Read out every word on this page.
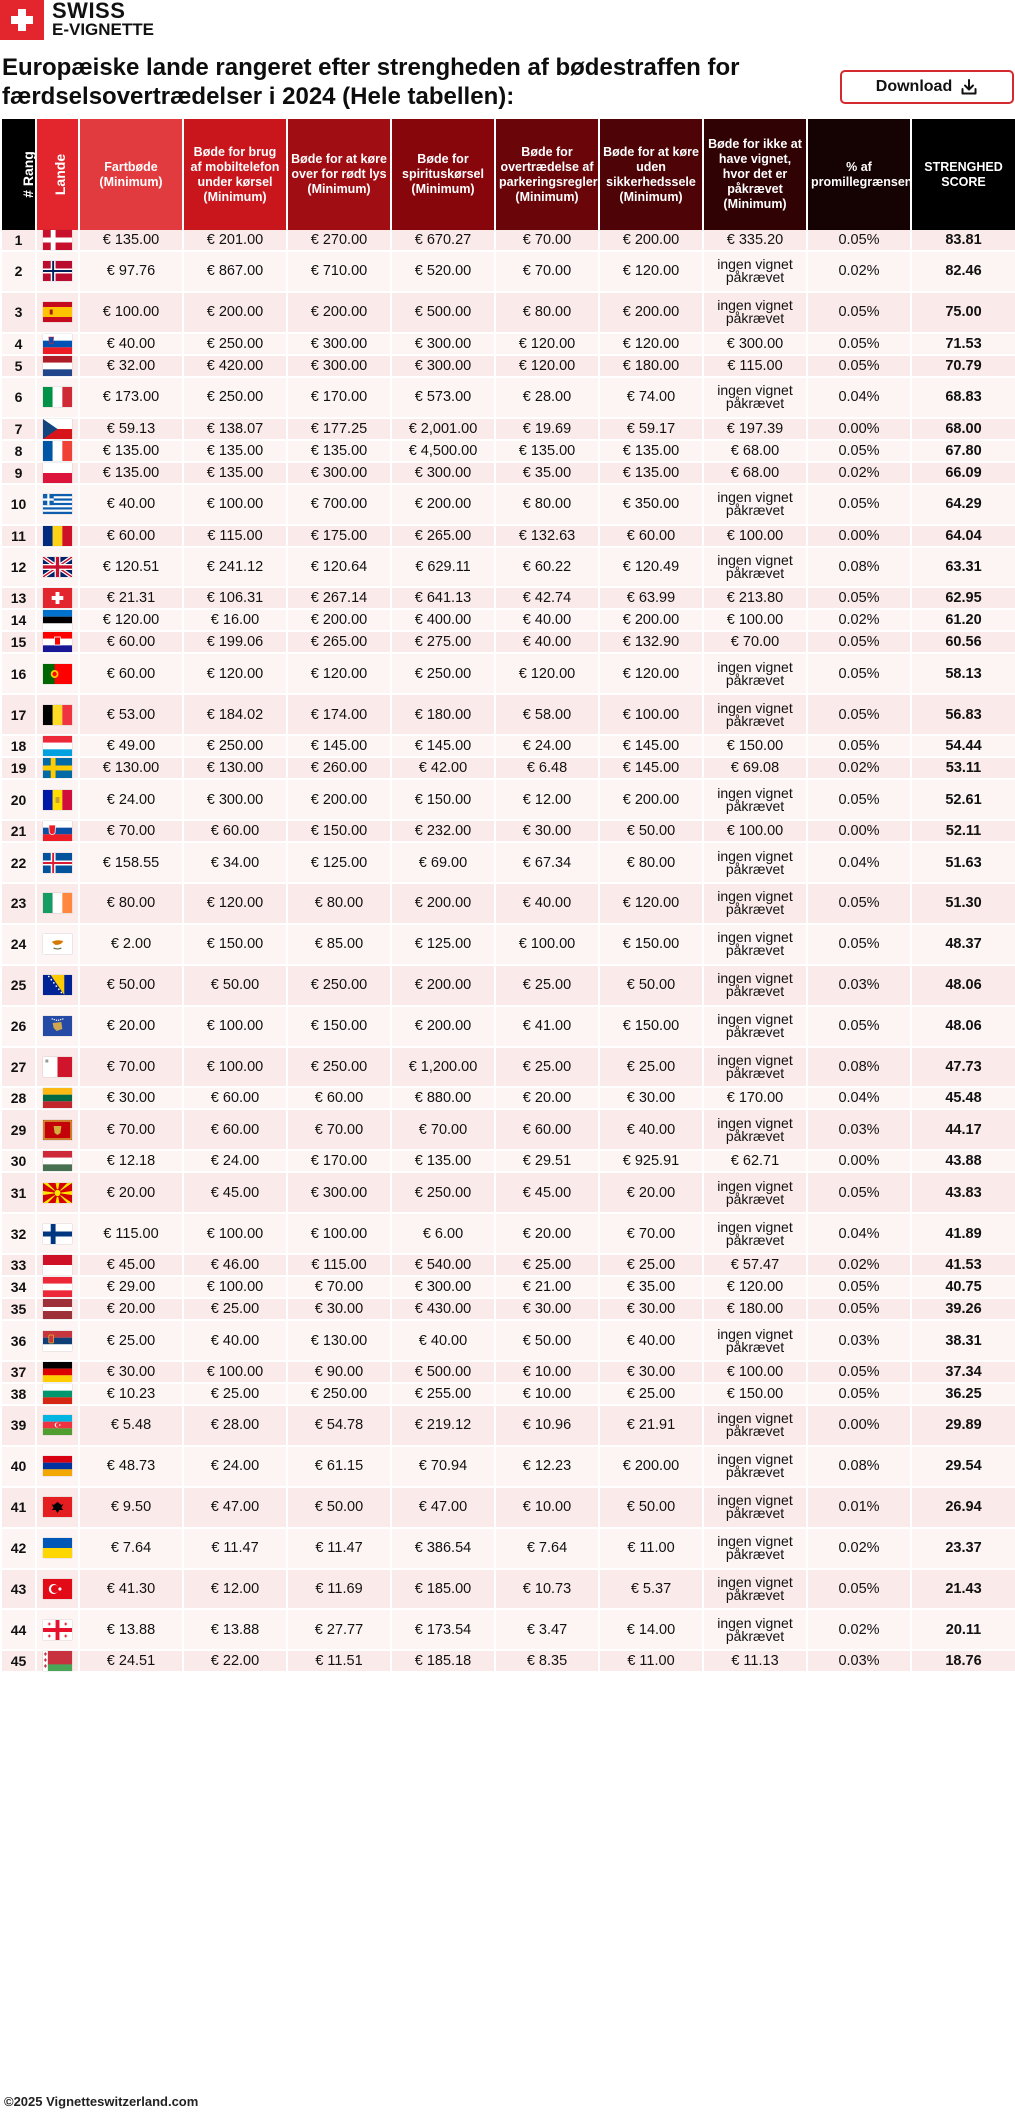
SWISS
E-VIGNETTE
Europæiske lande rangeret efter strengheden af bødestraffen for færdselsovertrædelser i 2024 (Hele tabellen):	Download
# Rang	Lande	Fartbøde (Minimum)	Bøde for brug af mobiltelefon under kørsel (Minimum)	Bøde for at køre over for rødt lys (Minimum)	Bøde for spirituskørsel (Minimum)	Bøde for overtrædelse af parkeringsregler (Minimum)	Bøde for at køre uden sikkerhedssele (Minimum)	Bøde for ikke at have vignet, hvor det er påkrævet (Minimum)	% af promillegrænsen	STRENGHED SCORE
1		€ 135.00	€ 201.00	€ 270.00	€ 670.27	€ 70.00	€ 200.00	€ 335.20	0.05%	83.81
2		€ 97.76	€ 867.00	€ 710.00	€ 520.00	€ 70.00	€ 120.00	ingen vignet påkrævet	0.02%	82.46
3		€ 100.00	€ 200.00	€ 200.00	€ 500.00	€ 80.00	€ 200.00	ingen vignet påkrævet	0.05%	75.00
4		€ 40.00	€ 250.00	€ 300.00	€ 300.00	€ 120.00	€ 120.00	€ 300.00	0.05%	71.53
5		€ 32.00	€ 420.00	€ 300.00	€ 300.00	€ 120.00	€ 180.00	€ 115.00	0.05%	70.79
6		€ 173.00	€ 250.00	€ 170.00	€ 573.00	€ 28.00	€ 74.00	ingen vignet påkrævet	0.04%	68.83
7		€ 59.13	€ 138.07	€ 177.25	€ 2,001.00	€ 19.69	€ 59.17	€ 197.39	0.00%	68.00
8		€ 135.00	€ 135.00	€ 135.00	€ 4,500.00	€ 135.00	€ 135.00	€ 68.00	0.05%	67.80
9		€ 135.00	€ 135.00	€ 300.00	€ 300.00	€ 35.00	€ 135.00	€ 68.00	0.02%	66.09
10		€ 40.00	€ 100.00	€ 700.00	€ 200.00	€ 80.00	€ 350.00	ingen vignet påkrævet	0.05%	64.29
11		€ 60.00	€ 115.00	€ 175.00	€ 265.00	€ 132.63	€ 60.00	€ 100.00	0.00%	64.04
12		€ 120.51	€ 241.12	€ 120.64	€ 629.11	€ 60.22	€ 120.49	ingen vignet påkrævet	0.08%	63.31
13		€ 21.31	€ 106.31	€ 267.14	€ 641.13	€ 42.74	€ 63.99	€ 213.80	0.05%	62.95
14		€ 120.00	€ 16.00	€ 200.00	€ 400.00	€ 40.00	€ 200.00	€ 100.00	0.02%	61.20
15		€ 60.00	€ 199.06	€ 265.00	€ 275.00	€ 40.00	€ 132.90	€ 70.00	0.05%	60.56
16		€ 60.00	€ 120.00	€ 120.00	€ 250.00	€ 120.00	€ 120.00	ingen vignet påkrævet	0.05%	58.13
17		€ 53.00	€ 184.02	€ 174.00	€ 180.00	€ 58.00	€ 100.00	ingen vignet påkrævet	0.05%	56.83
18		€ 49.00	€ 250.00	€ 145.00	€ 145.00	€ 24.00	€ 145.00	€ 150.00	0.05%	54.44
19		€ 130.00	€ 130.00	€ 260.00	€ 42.00	€ 6.48	€ 145.00	€ 69.08	0.02%	53.11
20		€ 24.00	€ 300.00	€ 200.00	€ 150.00	€ 12.00	€ 200.00	ingen vignet påkrævet	0.05%	52.61
21		€ 70.00	€ 60.00	€ 150.00	€ 232.00	€ 30.00	€ 50.00	€ 100.00	0.00%	52.11
22		€ 158.55	€ 34.00	€ 125.00	€ 69.00	€ 67.34	€ 80.00	ingen vignet påkrævet	0.04%	51.63
23		€ 80.00	€ 120.00	€ 80.00	€ 200.00	€ 40.00	€ 120.00	ingen vignet påkrævet	0.05%	51.30
24		€ 2.00	€ 150.00	€ 85.00	€ 125.00	€ 100.00	€ 150.00	ingen vignet påkrævet	0.05%	48.37
25		€ 50.00	€ 50.00	€ 250.00	€ 200.00	€ 25.00	€ 50.00	ingen vignet påkrævet	0.03%	48.06
26		€ 20.00	€ 100.00	€ 150.00	€ 200.00	€ 41.00	€ 150.00	ingen vignet påkrævet	0.05%	48.06
27		€ 70.00	€ 100.00	€ 250.00	€ 1,200.00	€ 25.00	€ 25.00	ingen vignet påkrævet	0.08%	47.73
28		€ 30.00	€ 60.00	€ 60.00	€ 880.00	€ 20.00	€ 30.00	€ 170.00	0.04%	45.48
29		€ 70.00	€ 60.00	€ 70.00	€ 70.00	€ 60.00	€ 40.00	ingen vignet påkrævet	0.03%	44.17
30		€ 12.18	€ 24.00	€ 170.00	€ 135.00	€ 29.51	€ 925.91	€ 62.71	0.00%	43.88
31		€ 20.00	€ 45.00	€ 300.00	€ 250.00	€ 45.00	€ 20.00	ingen vignet påkrævet	0.05%	43.83
32		€ 115.00	€ 100.00	€ 100.00	€ 6.00	€ 20.00	€ 70.00	ingen vignet påkrævet	0.04%	41.89
33		€ 45.00	€ 46.00	€ 115.00	€ 540.00	€ 25.00	€ 25.00	€ 57.47	0.02%	41.53
34		€ 29.00	€ 100.00	€ 70.00	€ 300.00	€ 21.00	€ 35.00	€ 120.00	0.05%	40.75
35		€ 20.00	€ 25.00	€ 30.00	€ 430.00	€ 30.00	€ 30.00	€ 180.00	0.05%	39.26
36		€ 25.00	€ 40.00	€ 130.00	€ 40.00	€ 50.00	€ 40.00	ingen vignet påkrævet	0.03%	38.31
37		€ 30.00	€ 100.00	€ 90.00	€ 500.00	€ 10.00	€ 30.00	€ 100.00	0.05%	37.34
38		€ 10.23	€ 25.00	€ 250.00	€ 255.00	€ 10.00	€ 25.00	€ 150.00	0.05%	36.25
39		€ 5.48	€ 28.00	€ 54.78	€ 219.12	€ 10.96	€ 21.91	ingen vignet påkrævet	0.00%	29.89
40		€ 48.73	€ 24.00	€ 61.15	€ 70.94	€ 12.23	€ 200.00	ingen vignet påkrævet	0.08%	29.54
41		€ 9.50	€ 47.00	€ 50.00	€ 47.00	€ 10.00	€ 50.00	ingen vignet påkrævet	0.01%	26.94
42		€ 7.64	€ 11.47	€ 11.47	€ 386.54	€ 7.64	€ 11.00	ingen vignet påkrævet	0.02%	23.37
43		€ 41.30	€ 12.00	€ 11.69	€ 185.00	€ 10.73	€ 5.37	ingen vignet påkrævet	0.05%	21.43
44		€ 13.88	€ 13.88	€ 27.77	€ 173.54	€ 3.47	€ 14.00	ingen vignet påkrævet	0.02%	20.11
45		€ 24.51	€ 22.00	€ 11.51	€ 185.18	€ 8.35	€ 11.00	€ 11.13	0.03%	18.76
©2025 Vignetteswitzerland.com
